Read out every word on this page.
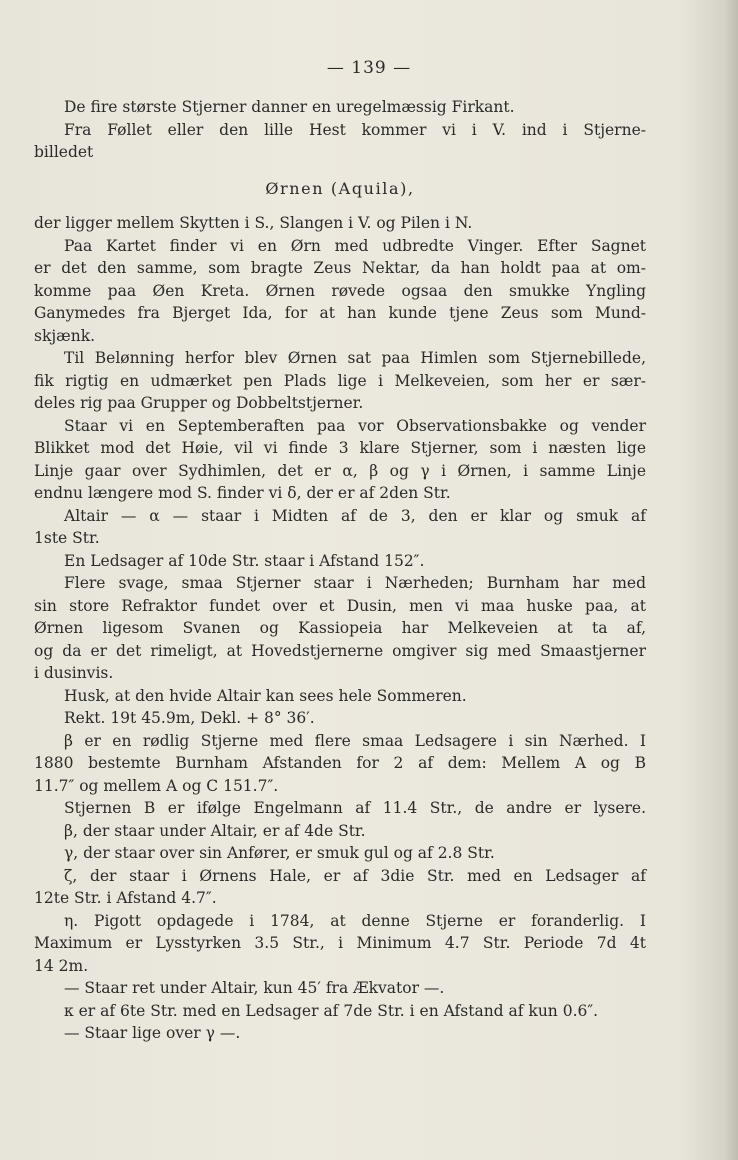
— 139 —

De fire største Stjerner danner en uregelmæssig Firkant.

Fra Føllet eller den lille Hest kommer vi i V. ind i Stjerne-

billedet

Ørnen (Aquila),

der ligger mellem Skytten i S., Slangen i V. og Pilen i N.

Paa Kartet finder vi en Ørn med udbredte Vinger. Efter Sagnet

er det den samme, som bragte Zeus Nektar, da han holdt paa at om-

komme paa Øen Kreta. Ørnen røvede ogsaa den smukke Yngling

Ganymedes fra Bjerget Ida, for at han kunde tjene Zeus som Mund-

skjænk.

Til Belønning herfor blev Ørnen sat paa Himlen som Stjernebillede,

fik rigtig en udmærket pen Plads lige i Melkeveien, som her er sær-

deles rig paa Grupper og Dobbeltstjerner.

Staar vi en Septemberaften paa vor Observationsbakke og vender

Blikket mod det Høie, vil vi finde 3 klare Stjerner, som i næsten lige

Linje gaar over Sydhimlen, det er α, β og γ i Ørnen, i samme Linje

endnu længere mod S. finder vi δ, der er af 2den Str.

Altair — α — staar i Midten af de 3, den er klar og smuk af

1ste Str.

En Ledsager af 10de Str. staar i Afstand 152″.

Flere svage, smaa Stjerner staar i Nærheden; Burnham har med

sin store Refraktor fundet over et Dusin, men vi maa huske paa, at

Ørnen ligesom Svanen og Kassiopeia har Melkeveien at ta af,

og da er det rimeligt, at Hovedstjernerne omgiver sig med Smaastjerner

i dusinvis.

Husk, at den hvide Altair kan sees hele Sommeren.

Rekt. 19t 45.9m, Dekl. + 8° 36′.

β er en rødlig Stjerne med flere smaa Ledsagere i sin Nærhed. I

1880 bestemte Burnham Afstanden for 2 af dem: Mellem A og B

11.7″ og mellem A og C 151.7″.

Stjernen B er ifølge Engelmann af 11.4 Str., de andre er lysere.

β, der staar under Altair, er af 4de Str.

γ, der staar over sin Anfører, er smuk gul og af 2.8 Str.

ζ, der staar i Ørnens Hale, er af 3die Str. med en Ledsager af

12te Str. i Afstand 4.7″.

η. Pigott opdagede i 1784, at denne Stjerne er foranderlig. I

Maximum er Lysstyrken 3.5 Str., i Minimum 4.7 Str. Periode 7d 4t

14 2m.

— Staar ret under Altair, kun 45′ fra Ækvator —.

κ er af 6te Str. med en Ledsager af 7de Str. i en Afstand af kun 0.6″.

— Staar lige over γ —.
